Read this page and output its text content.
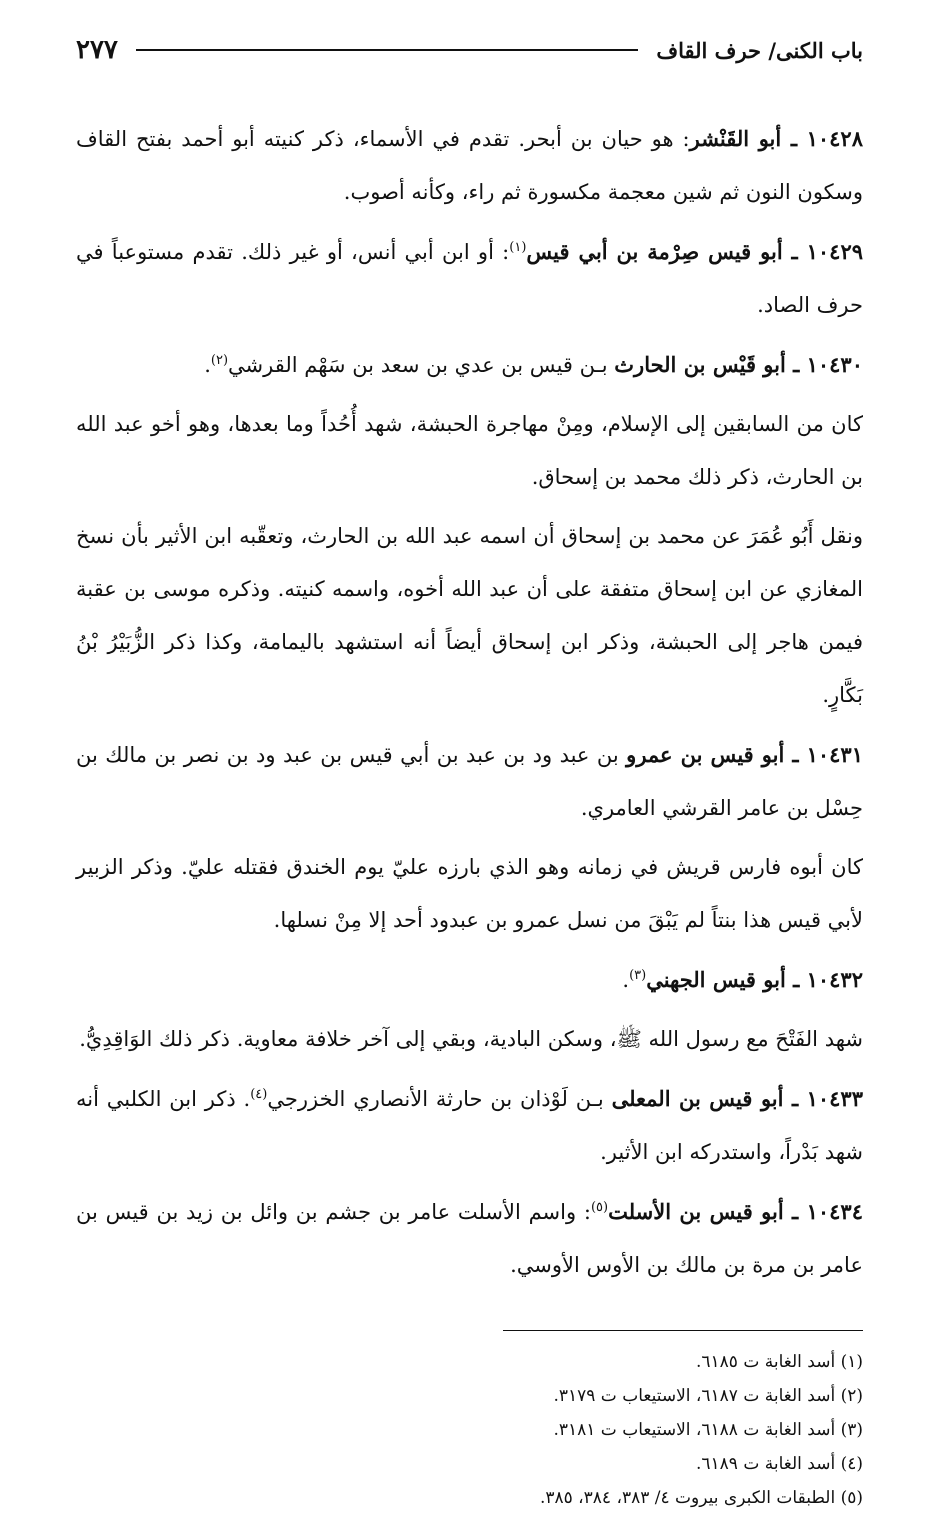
باب الكنى/ حرف القاف
٢٧٧

١٠٤٢٨ ـ أبو القَنْشر: هو حيان بن أبحر. تقدم في الأسماء، ذكر كنيته أبو أحمد بفتح القاف وسكون النون ثم شين معجمة مكسورة ثم راء، وكأنه أصوب.

١٠٤٢٩ ـ أبو قيس صِرْمة بن أبي قيس$^{(١)}$: أو ابن أبي أنس، أو غير ذلك. تقدم مستوعباً في حرف الصاد.

١٠٤٣٠ ـ أبو قَيْس بن الحارث بـن قيس بن عدي بن سعد بن سَهْم القرشي$^{(٢)}$.

كان من السابقين إلى الإسلام، ومِنْ مهاجرة الحبشة، شهد أُحُداً وما بعدها، وهو أخو عبد الله بن الحارث، ذكر ذلك محمد بن إسحاق.

ونقل أَبُو عُمَرَ عن محمد بن إسحاق أن اسمه عبد الله بن الحارث، وتعقّبه ابن الأثير بأن نسخ المغازي عن ابن إسحاق متفقة على أن عبد الله أخوه، واسمه كنيته. وذكره موسى بن عقبة فيمن هاجر إلى الحبشة، وذكر ابن إسحاق أيضاً أنه استشهد باليمامة، وكذا ذكر الزُّبَيْرُ بْنُ بَكَّارٍ.

١٠٤٣١ ـ أبو قيس بن عمرو بن عبد ود بن عبد بن أبي قيس بن عبد ود بن نصر بن مالك بن حِسْل بن عامر القرشي العامري.

كان أبوه فارس قريش في زمانه وهو الذي بارزه عليّ يوم الخندق فقتله عليّ. وذكر الزبير لأبي قيس هذا بنتاً لم يَبْقَ من نسل عمرو بن عبدود أحد إلا مِنْ نسلها.

١٠٤٣٢ ـ أبو قيس الجهني$^{(٣)}$.

شهد الفَتْحَ مع رسول الله ﷺ، وسكن البادية، وبقي إلى آخر خلافة معاوية. ذكر ذلك الوَاقِدِيُّ.

١٠٤٣٣ ـ أبو قيس بن المعلى بـن لَوْذان بن حارثة الأنصاري الخزرجي$^{(٤)}$. ذكر ابن الكلبي أنه شهد بَدْراً، واستدركه ابن الأثير.

١٠٤٣٤ ـ أبو قيس بن الأسلت$^{(٥)}$: واسم الأسلت عامر بن جشم بن وائل بن زيد بن قيس بن عامر بن مرة بن مالك بن الأوس الأوسي.

(١) أسد الغابة ت ٦١٨٥.

(٢) أسد الغابة ت ٦١٨٧، الاستيعاب ت ٣١٧٩.

(٣) أسد الغابة ت ٦١٨٨، الاستيعاب ت ٣١٨١.

(٤) أسد الغابة ت ٦١٨٩.

(٥) الطبقات الكبرى بيروت ٤/ ٣٨٣، ٣٨٤، ٣٨٥.
